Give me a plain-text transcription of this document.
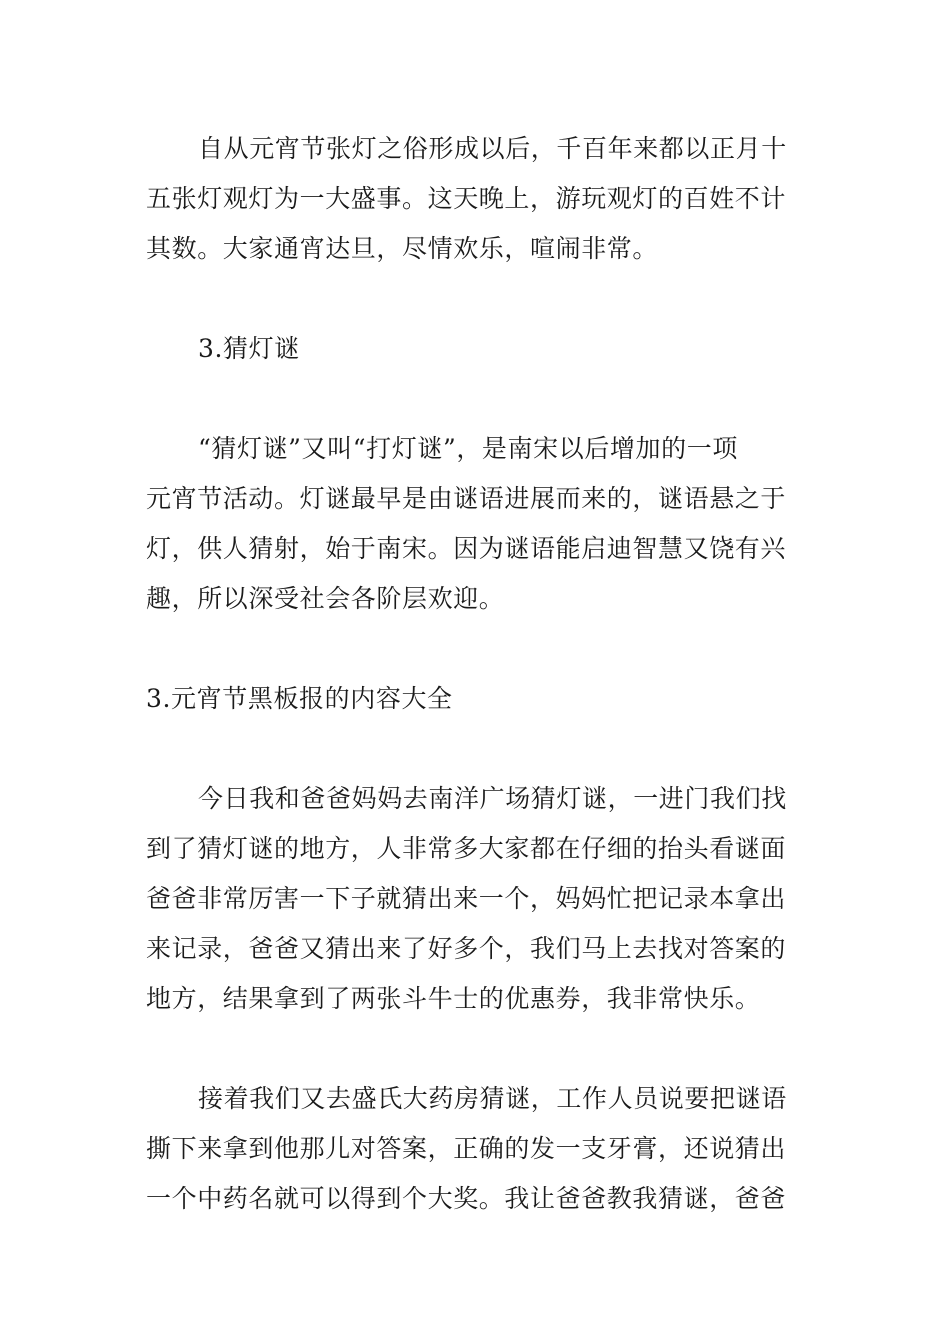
自从元宵节张灯之俗形成以后，千百年来都以正月十
五张灯观灯为一大盛事。这天晚上，游玩观灯的百姓不计
其数。大家通宵达旦，尽情欢乐，喧闹非常。
3.猜灯谜
“猜灯谜”又叫“打灯谜”，是南宋以后增加的一项
元宵节活动。灯谜最早是由谜语进展而来的，谜语悬之于
灯，供人猜射，始于南宋。因为谜语能启迪智慧又饶有兴
趣，所以深受社会各阶层欢迎。
3.元宵节黑板报的内容大全
今日我和爸爸妈妈去南洋广场猜灯谜，一进门我们找
到了猜灯谜的地方，人非常多大家都在仔细的抬头看谜面
爸爸非常厉害一下子就猜出来一个，妈妈忙把记录本拿出
来记录，爸爸又猜出来了好多个，我们马上去找对答案的
地方，结果拿到了两张斗牛士的优惠券，我非常快乐。
接着我们又去盛氏大药房猜谜，工作人员说要把谜语
撕下来拿到他那儿对答案，正确的发一支牙膏，还说猜出
一个中药名就可以得到个大奖。我让爸爸教我猜谜，爸爸
